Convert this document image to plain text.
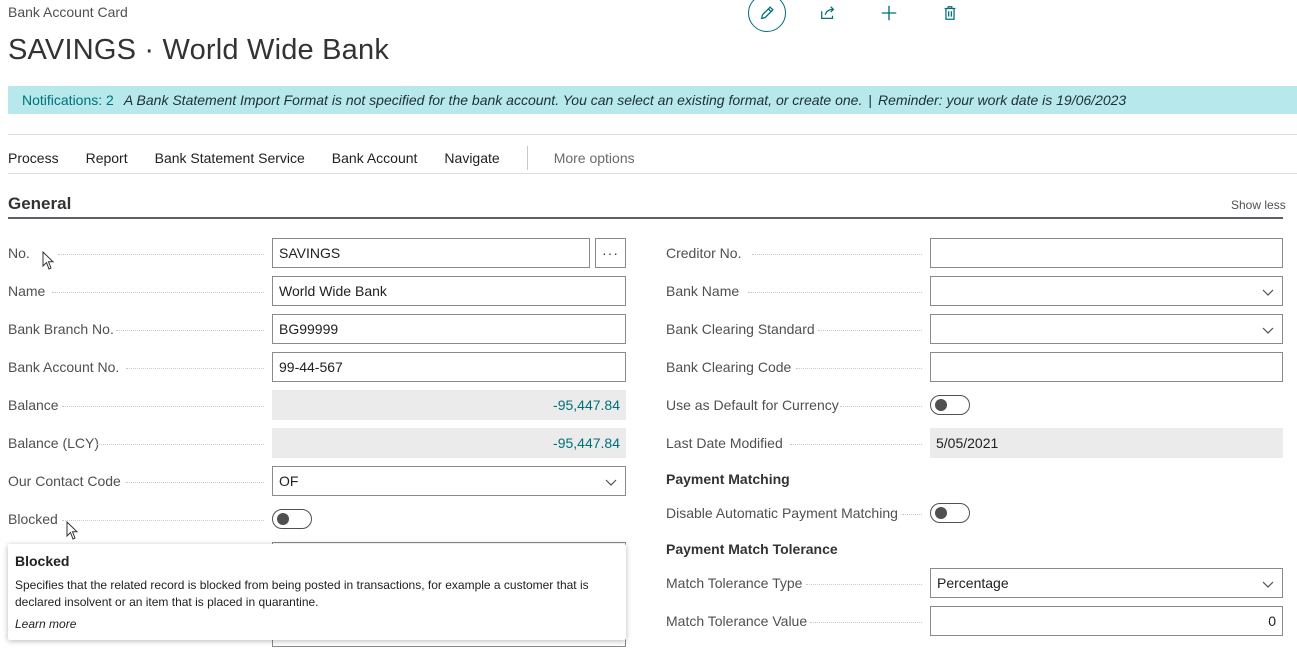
Bank Account Card
SAVINGS · World Wide Bank
Notifications: 2 A Bank Statement Import Format is not specified for the bank account. You can select an existing format, or create one. | Reminder: your work date is 19/06/2023
Process Report Bank Statement Service Bank Account Navigate	More options
General	Show less
No.	SAVINGS	···
Name	World Wide Bank
Bank Branch No.	BG99999
Bank Account No.	99-44-567
Balance	-95,447.84
Balance (LCY)	-95,447.84
Our Contact Code	OF
Blocked
Creditor No.
Bank Name
Bank Clearing Standard
Bank Clearing Code
Use as Default for Currency
Last Date Modified	5/05/2021
Payment Matching
Disable Automatic Payment Matching
Payment Match Tolerance
Match Tolerance Type	Percentage
Match Tolerance Value	0
Blocked
Specifies that the related record is blocked from being posted in transactions, for example a customer that is declared insolvent or an item that is placed in quarantine.
Learn more
